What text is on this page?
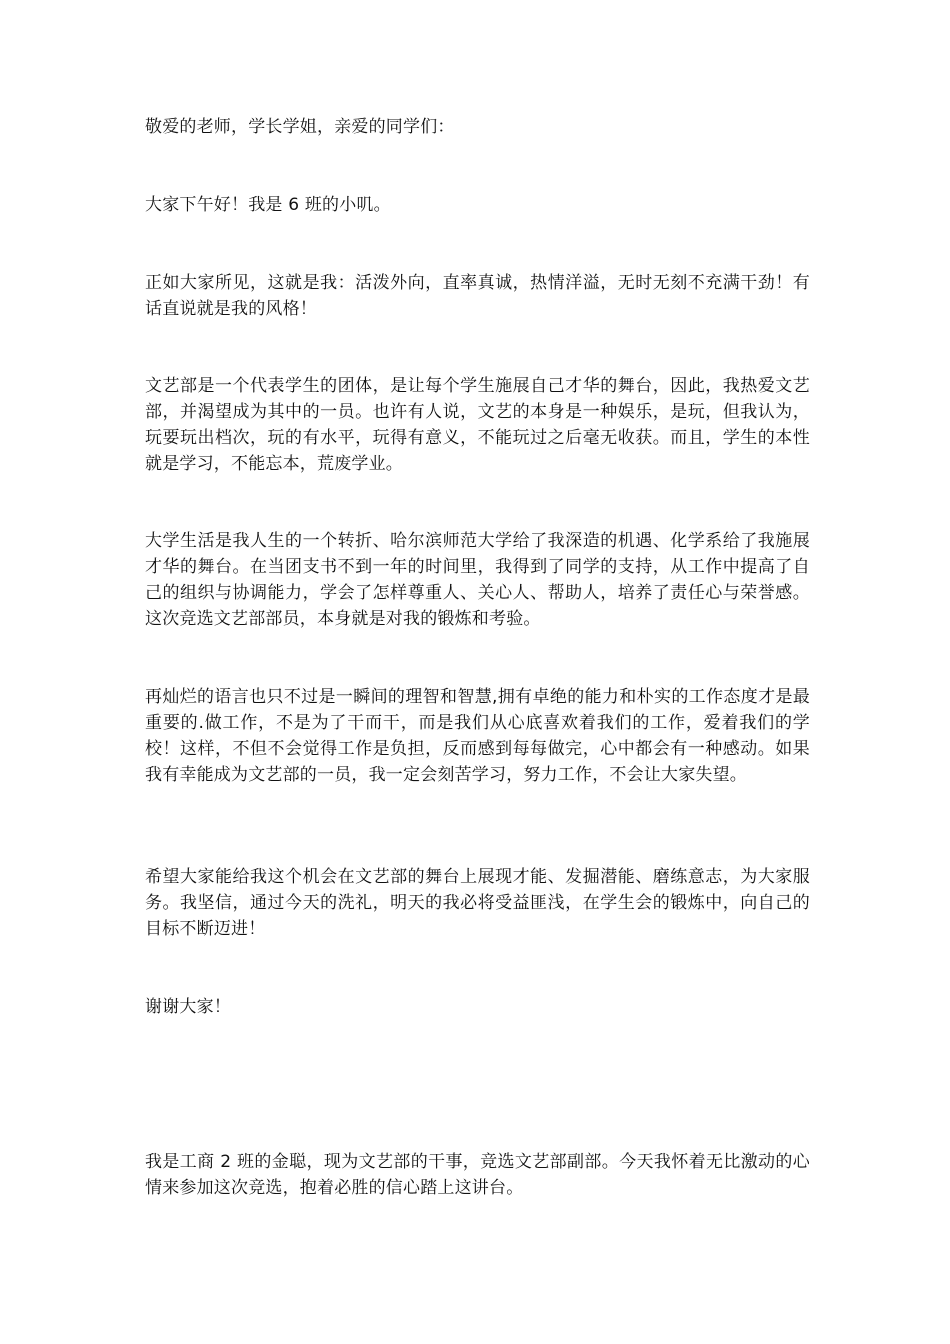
敬爱的老师，学长学姐，亲爱的同学们：

大家下午好！我是 6 班的小叽。

正如大家所见，这就是我：活泼外向，直率真诚，热情洋溢，无时无刻不充满干劲！有话直说就是我的风格！

文艺部是一个代表学生的团体，是让每个学生施展自己才华的舞台，因此，我热爱文艺部，并渴望成为其中的一员。也许有人说，文艺的本身是一种娱乐，是玩，但我认为，玩要玩出档次，玩的有水平，玩得有意义，不能玩过之后毫无收获。而且，学生的本性就是学习，不能忘本，荒废学业。

大学生活是我人生的一个转折、哈尔滨师范大学给了我深造的机遇、化学系给了我施展才华的舞台。在当团支书不到一年的时间里，我得到了同学的支持，从工作中提高了自己的组织与协调能力，学会了怎样尊重人、关心人、帮助人，培养了责任心与荣誉感。这次竞选文艺部部员，本身就是对我的锻炼和考验。

再灿烂的语言也只不过是一瞬间的理智和智慧,拥有卓绝的能力和朴实的工作态度才是最重要的.做工作，不是为了干而干，而是我们从心底喜欢着我们的工作，爱着我们的学校！这样，不但不会觉得工作是负担，反而感到每每做完，心中都会有一种感动。如果我有幸能成为文艺部的一员，我一定会刻苦学习，努力工作，不会让大家失望。

希望大家能给我这个机会在文艺部的舞台上展现才能、发掘潜能、磨练意志，为大家服务。我坚信，通过今天的洗礼，明天的我必将受益匪浅，在学生会的锻炼中，向自己的目标不断迈进！

谢谢大家！

我是工商 2 班的金聪，现为文艺部的干事，竞选文艺部副部。今天我怀着无比激动的心情来参加这次竞选，抱着必胜的信心踏上这讲台。
